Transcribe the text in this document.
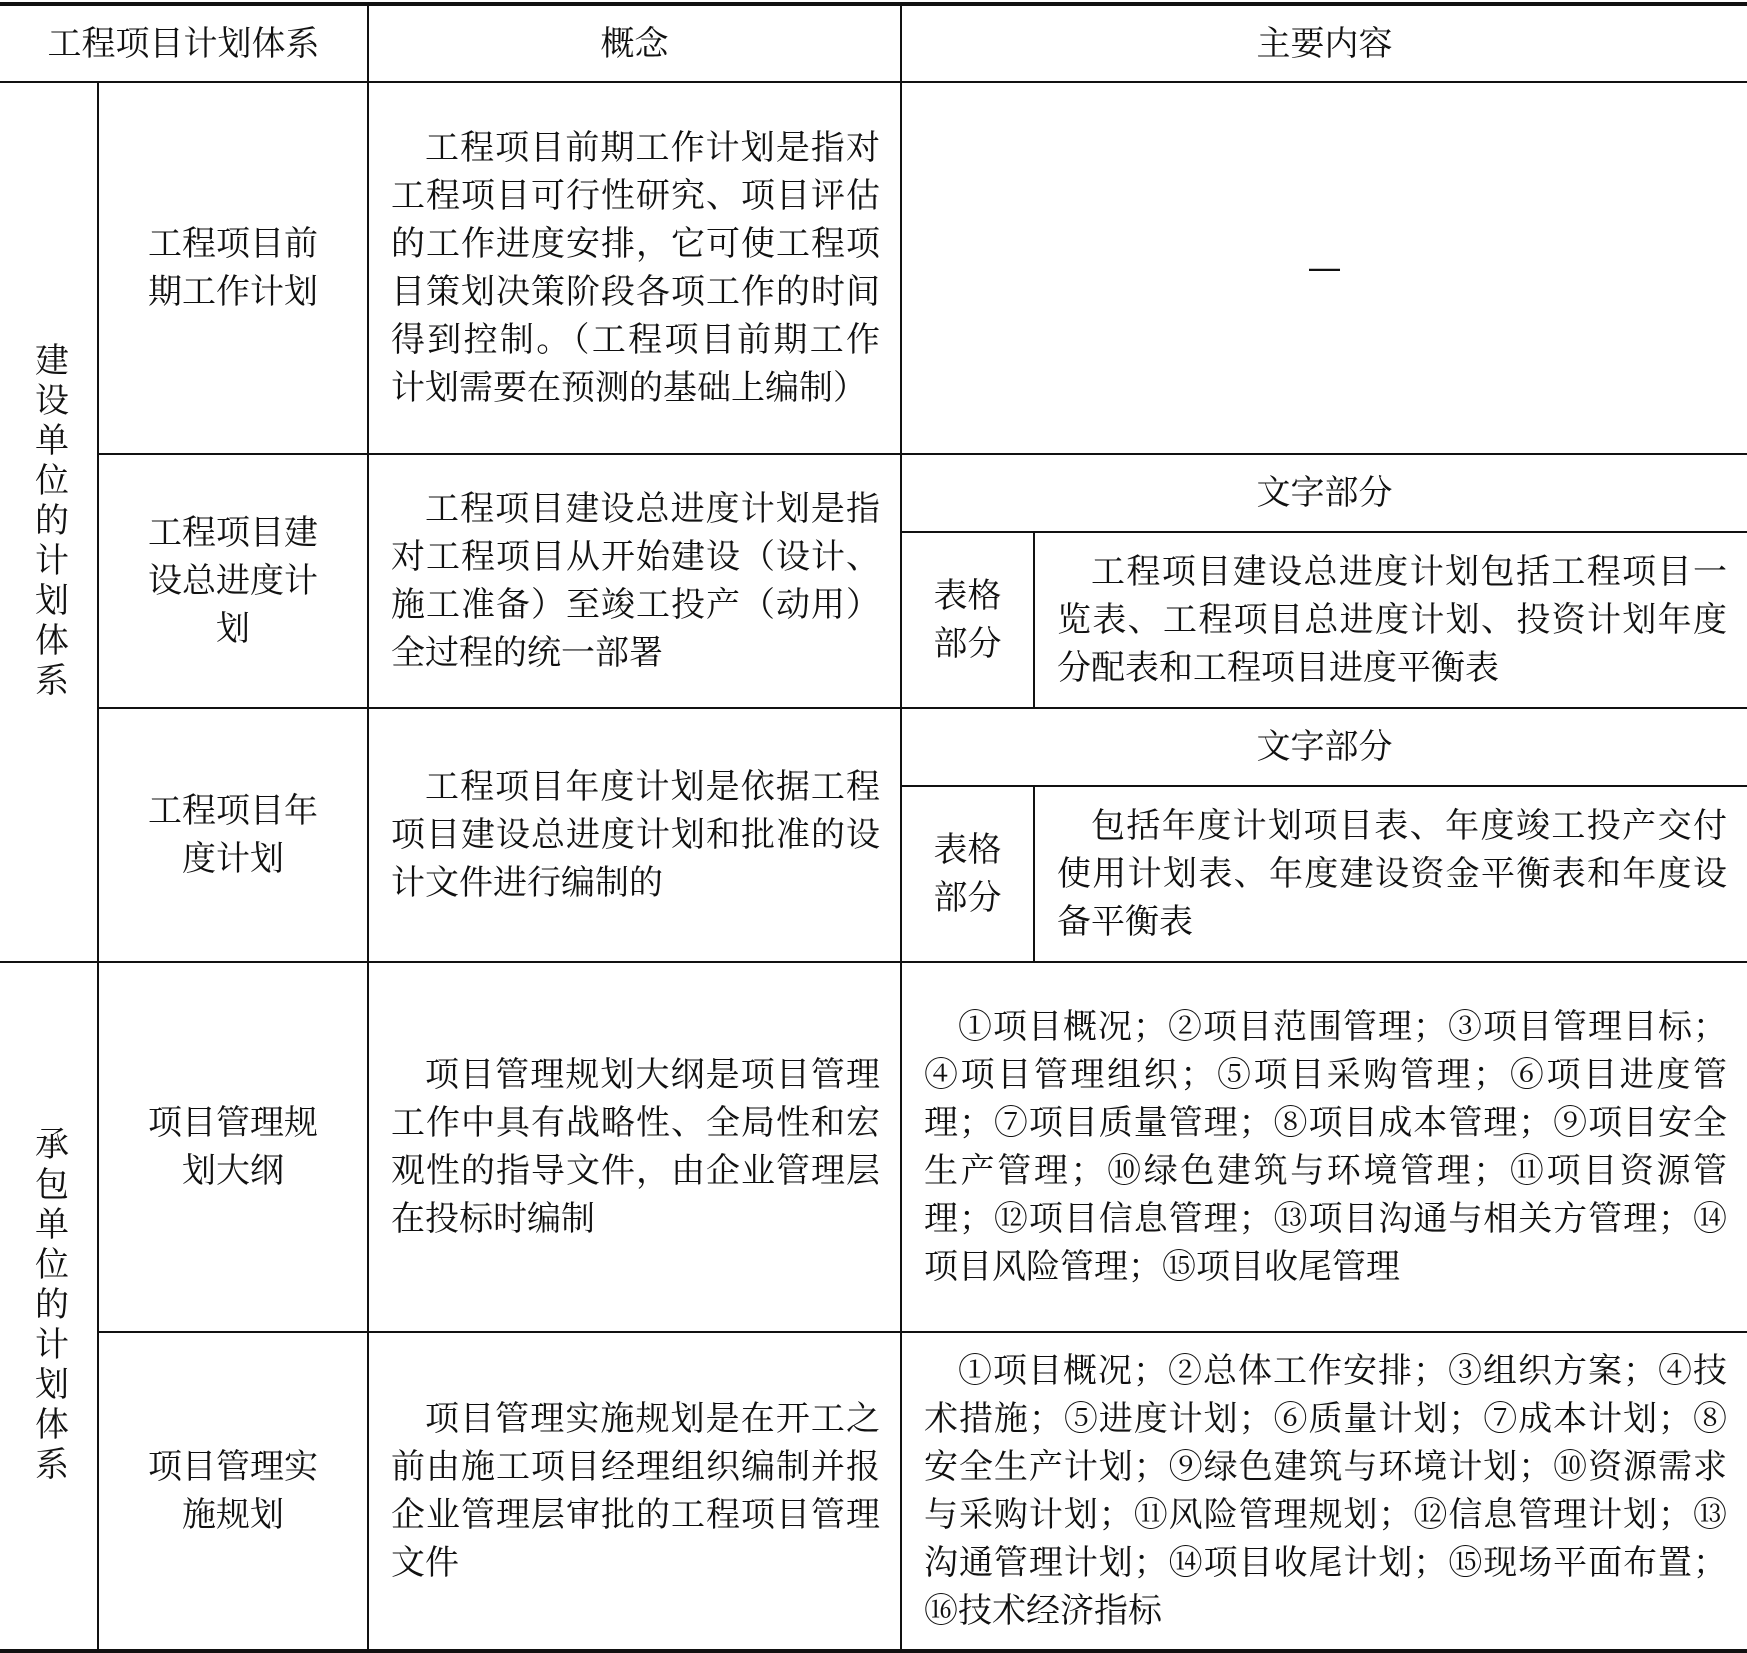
工程项目计划体系		概念	主要内容	

建设单位的计划体系	工程项目前期工作计划	工程项目前期工作计划是指对工程项目可行性研究、项目评估的工作进度安排，它可使工程项目策划决策阶段各项工作的时间得到控制。（工程项目前期工作计划需要在预测的基础上编制）	—	
	工程项目建设总进度计划	工程项目建设总进度计划是指对工程项目从开始建设（设计、施工准备）至竣工投产（动用）全过程的统一部署	文字部分	
			表格部分	工程项目建设总进度计划包括工程项目一览表、工程项目总进度计划、投资计划年度分配表和工程项目进度平衡表
	工程项目年度计划	工程项目年度计划是依据工程项目建设总进度计划和批准的设计文件进行编制的	文字部分	
			表格部分	包括年度计划项目表、年度竣工投产交付使用计划表、年度建设资金平衡表和年度设备平衡表

承包单位的计划体系	项目管理规划大纲	项目管理规划大纲是项目管理工作中具有战略性、全局性和宏观性的指导文件，由企业管理层在投标时编制	①项目概况；②项目范围管理；③项目管理目标；④项目管理组织；⑤项目采购管理；⑥项目进度管理；⑦项目质量管理；⑧项目成本管理；⑨项目安全生产管理；⑩绿色建筑与环境管理；⑪项目资源管理；⑫项目信息管理；⑬项目沟通与相关方管理；⑭项目风险管理；⑮项目收尾管理	
	项目管理实施规划	项目管理实施规划是在开工之前由施工项目经理组织编制并报企业管理层审批的工程项目管理文件	①项目概况；②总体工作安排；③组织方案；④技术措施；⑤进度计划；⑥质量计划；⑦成本计划；⑧安全生产计划；⑨绿色建筑与环境计划；⑩资源需求与采购计划；⑪风险管理规划；⑫信息管理计划；⑬沟通管理计划；⑭项目收尾计划；⑮现场平面布置；⑯技术经济指标	
